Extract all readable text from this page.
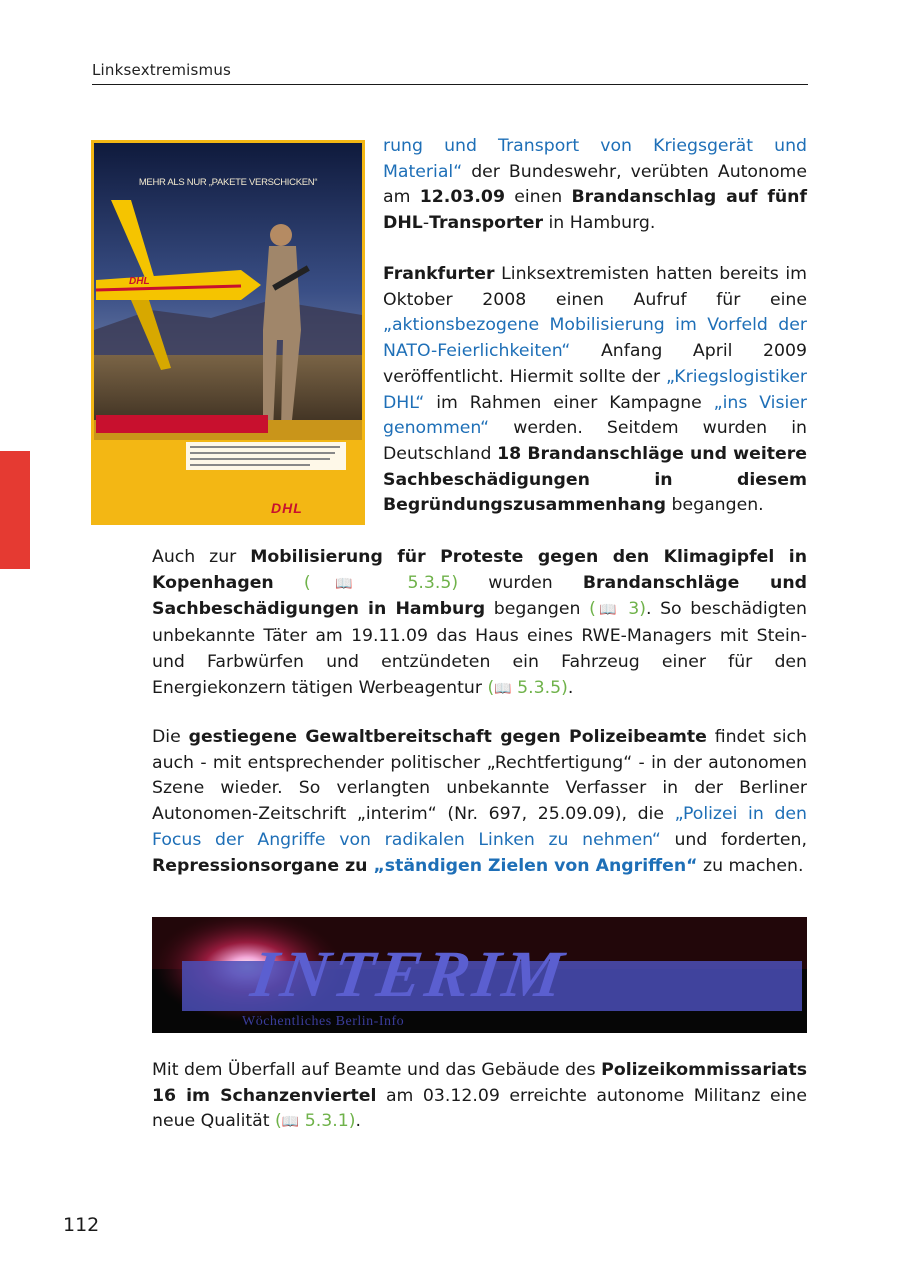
Linksextremismus
MEHR ALS NUR „PAKETE VERSCHICKEN“
DHL
DHL

rung und Transport von Kriegsgerät und Material“ der Bundeswehr, verübten Autonome am 12.03.09 einen Brandanschlag auf fünf DHL-Transporter in Hamburg.

Frankfurter Linksextremisten hatten bereits im Oktober 2008 einen Aufruf für eine „aktionsbezogene Mobilisierung im Vorfeld der NATO-Feierlichkeiten“ Anfang April 2009 veröffentlicht. Hiermit sollte der „Kriegslogistiker DHL“ im Rahmen einer Kampagne „ins Visier genommen“ werden. Seitdem wurden in Deutschland 18 Brandanschläge und weitere Sachbeschädigungen in diesem Begründungszusammenhang begangen.

Auch zur Mobilisierung für Proteste gegen den Klimagipfel in Kopenhagen (📖 5.3.5) wurden Brandanschläge und Sachbeschädigungen in Hamburg begangen (📖 3). So beschädigten unbekannte Täter am 19.11.09 das Haus eines RWE-Managers mit Stein- und Farbwürfen und entzündeten ein Fahrzeug einer für den Energiekonzern tätigen Werbeagentur (📖 5.3.5).

Die gestiegene Gewaltbereitschaft gegen Polizeibeamte findet sich auch - mit entsprechender politischer „Rechtfertigung“ - in der autonomen Szene wieder. So verlangten unbekannte Verfasser in der Berliner Autonomen-Zeitschrift „interim“ (Nr. 697, 25.09.09), die „Polizei in den Focus der Angriffe von radikalen Linken zu nehmen“ und forderten, Repressionsorgane zu „ständigen Zielen von Angriffen“ zu machen.

INTERIM
Wöchentliches Berlin-Info

Mit dem Überfall auf Beamte und das Gebäude des Polizeikommissariats 16 im Schanzenviertel am 03.12.09 erreichte autonome Militanz eine neue Qualität (📖 5.3.1).

112
